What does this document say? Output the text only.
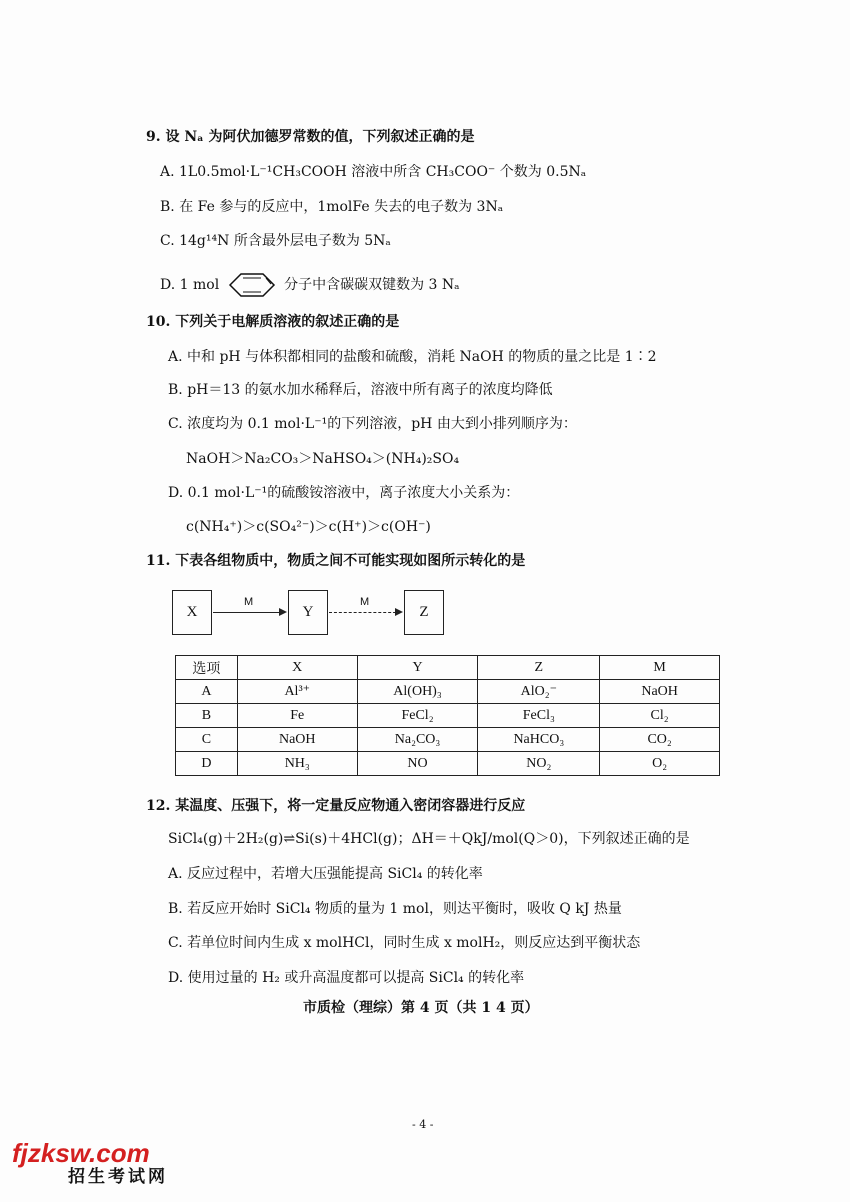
9. 设 Nₐ 为阿伏加德罗常数的值，下列叙述正确的是
A. 1L0.5mol·L⁻¹CH₃COOH 溶液中所含 CH₃COO⁻ 个数为 0.5Nₐ
B. 在 Fe 参与的反应中，1molFe 失去的电子数为 3Nₐ
C. 14g¹⁴N 所含最外层电子数为 5Nₐ
D. 1 mol	分子中含碳碳双键数为 3 Nₐ
10. 下列关于电解质溶液的叙述正确的是
A. 中和 pH 与体积都相同的盐酸和硫酸，消耗 NaOH 的物质的量之比是 1∶2
B. pH＝13 的氨水加水稀释后，溶液中所有离子的浓度均降低
C. 浓度均为 0.1 mol·L⁻¹的下列溶液，pH 由大到小排列顺序为：
NaOH＞Na₂CO₃＞NaHSO₄＞(NH₄)₂SO₄
D. 0.1 mol·L⁻¹的硫酸铵溶液中，离子浓度大小关系为：
c(NH₄⁺)＞c(SO₄²⁻)＞c(H⁺)＞c(OH⁻)
11. 下表各组物质中，物质之间不可能实现如图所示转化的是
X
M
Y
M
Z
选项	X	Y	Z	M
A	Al³⁺	Al(OH)₃	AlO₂⁻	NaOH
B	Fe	FeCl₂	FeCl₃	Cl₂
C	NaOH	Na₂CO₃	NaHCO₃	CO₂
D	NH₃	NO	NO₂	O₂
12. 某温度、压强下，将一定量反应物通入密闭容器进行反应
SiCl₄(g)＋2H₂(g)⇌Si(s)＋4HCl(g)；ΔH＝＋QkJ/mol(Q＞0)，下列叙述正确的是
A. 反应过程中，若增大压强能提高 SiCl₄ 的转化率
B. 若反应开始时 SiCl₄ 物质的量为 1 mol，则达平衡时，吸收 Q kJ 热量
C. 若单位时间内生成 x molHCl，同时生成 x molH₂，则反应达到平衡状态
D. 使用过量的 H₂ 或升高温度都可以提高 SiCl₄ 的转化率
市质检（理综）第 4 页（共 1 4 页）
- 4 -
fjzksw.com
招生考试网
